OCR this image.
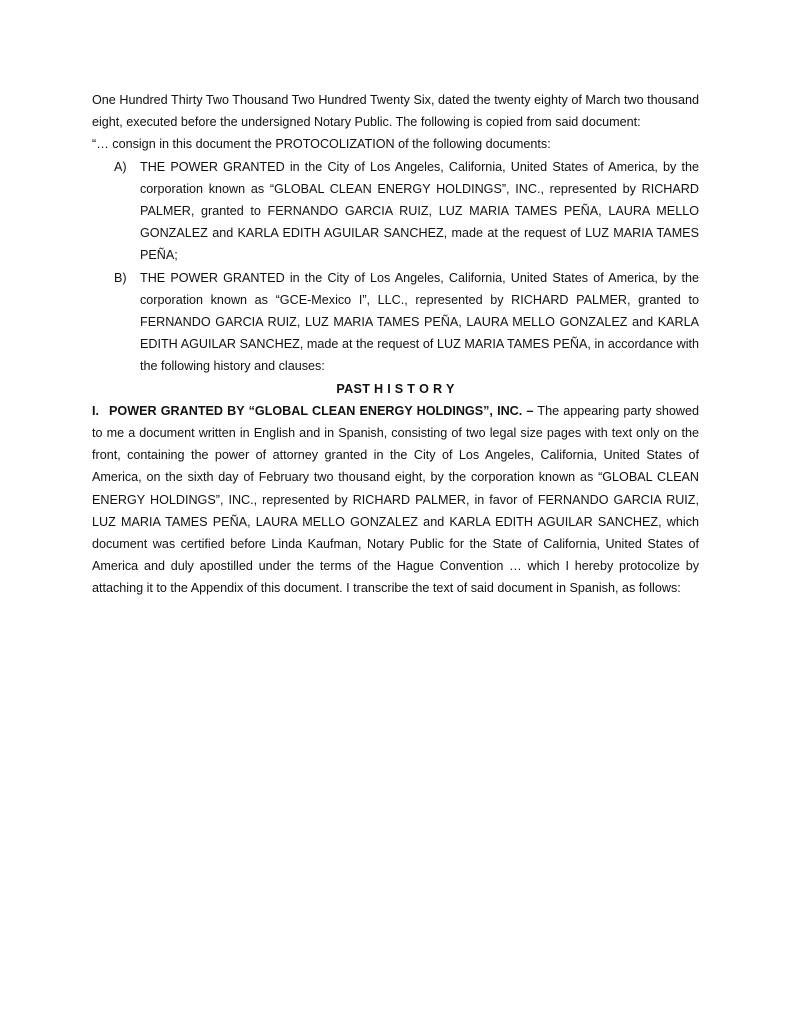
One Hundred Thirty Two Thousand Two Hundred Twenty Six, dated the twenty eighty of March two thousand eight, executed before the undersigned Notary Public. The following is copied from said document:

“… consign in this document the PROTOCOLIZATION of the following documents:

A) THE POWER GRANTED in the City of Los Angeles, California, United States of America, by the corporation known as “GLOBAL CLEAN ENERGY HOLDINGS”, INC., represented by RICHARD PALMER, granted to FERNANDO GARCIA RUIZ, LUZ MARIA TAMES PEÑA, LAURA MELLO GONZALEZ and KARLA EDITH AGUILAR SANCHEZ, made at the request of LUZ MARIA TAMES PEÑA;
B) THE POWER GRANTED in the City of Los Angeles, California, United States of America, by the corporation known as “GCE-Mexico I”, LLC., represented by RICHARD PALMER, granted to FERNANDO GARCIA RUIZ, LUZ MARIA TAMES PEÑA, LAURA MELLO GONZALEZ and KARLA EDITH AGUILAR SANCHEZ, made at the request of LUZ MARIA TAMES PEÑA, in accordance with the following history and clauses:

PAST H I S T O R Y

I. POWER GRANTED BY “GLOBAL CLEAN ENERGY HOLDINGS”, INC. – The appearing party showed to me a document written in English and in Spanish, consisting of two legal size pages with text only on the front, containing the power of attorney granted in the City of Los Angeles, California, United States of America, on the sixth day of February two thousand eight, by the corporation known as “GLOBAL CLEAN ENERGY HOLDINGS”, INC., represented by RICHARD PALMER, in favor of FERNANDO GARCIA RUIZ, LUZ MARIA TAMES PEÑA, LAURA MELLO GONZALEZ and KARLA EDITH AGUILAR SANCHEZ, which document was certified before Linda Kaufman, Notary Public for the State of California, United States of America and duly apostilled under the terms of the Hague Convention … which I hereby protocolize by attaching it to the Appendix of this document. I transcribe the text of said document in Spanish, as follows:
